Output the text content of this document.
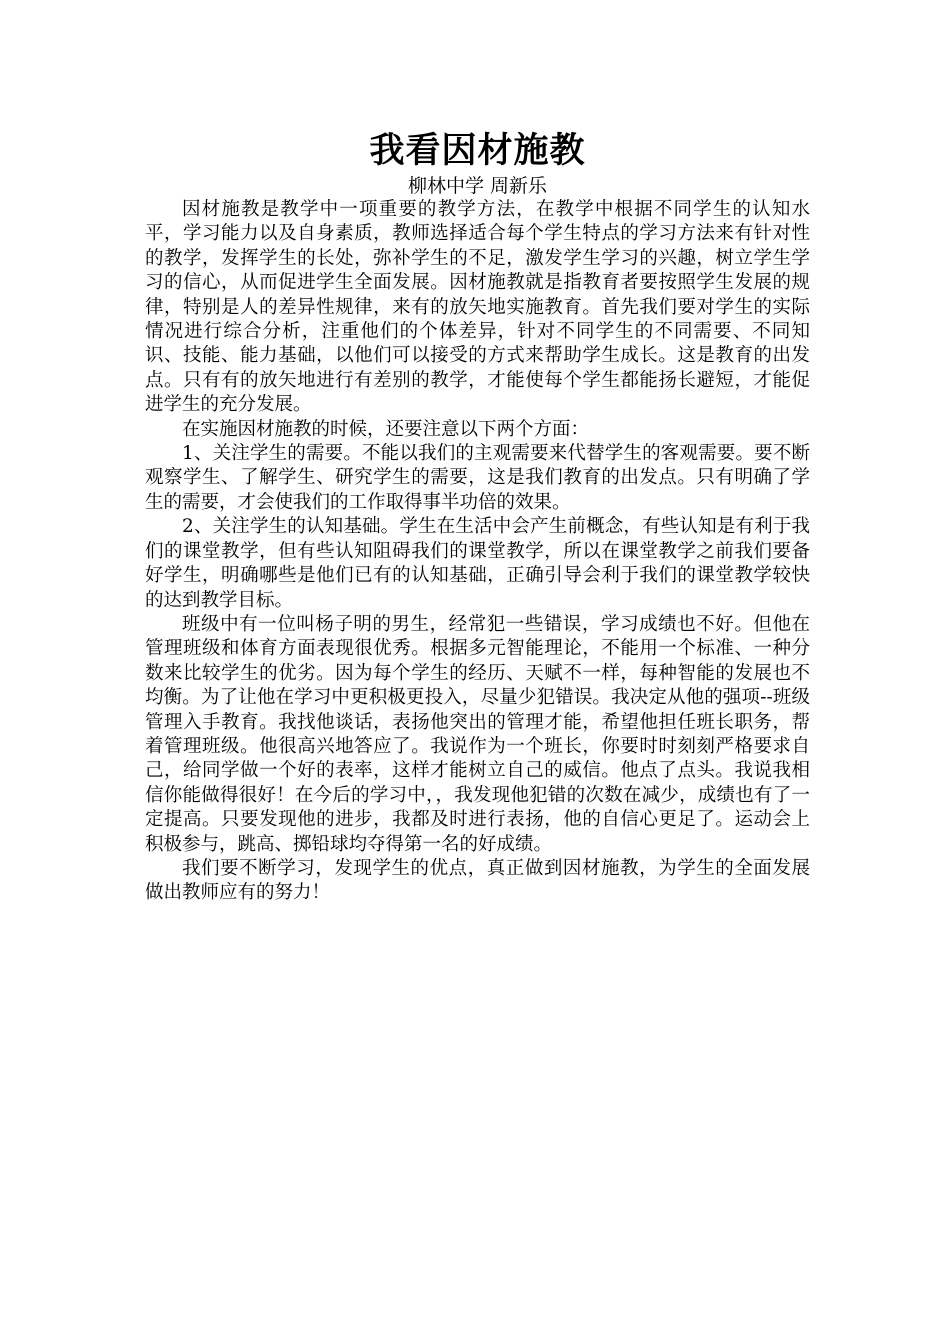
我看因材施教

柳林中学 周新乐

因材施教是教学中一项重要的教学方法，在教学中根据不同学生的认知水平，学习能力以及自身素质，教师选择适合每个学生特点的学习方法来有针对性的教学，发挥学生的长处，弥补学生的不足，激发学生学习的兴趣，树立学生学习的信心，从而促进学生全面发展。因材施教就是指教育者要按照学生发展的规律，特别是人的差异性规律，来有的放矢地实施教育。首先我们要对学生的实际情况进行综合分析，注重他们的个体差异，针对不同学生的不同需要、不同知识、技能、能力基础，以他们可以接受的方式来帮助学生成长。这是教育的出发点。只有有的放矢地进行有差别的教学，才能使每个学生都能扬长避短，才能促进学生的充分发展。

在实施因材施教的时候，还要注意以下两个方面：

1、关注学生的需要。不能以我们的主观需要来代替学生的客观需要。要不断观察学生、了解学生、研究学生的需要，这是我们教育的出发点。只有明确了学生的需要，才会使我们的工作取得事半功倍的效果。

2、关注学生的认知基础。学生在生活中会产生前概念，有些认知是有利于我们的课堂教学，但有些认知阻碍我们的课堂教学，所以在课堂教学之前我们要备好学生，明确哪些是他们已有的认知基础，正确引导会利于我们的课堂教学较快的达到教学目标。

班级中有一位叫杨子明的男生，经常犯一些错误，学习成绩也不好。但他在管理班级和体育方面表现很优秀。根据多元智能理论，不能用一个标准、一种分数来比较学生的优劣。因为每个学生的经历、天赋不一样，每种智能的发展也不均衡。为了让他在学习中更积极更投入，尽量少犯错误。我决定从他的强项--班级管理入手教育。我找他谈话，表扬他突出的管理才能，希望他担任班长职务，帮着管理班级。他很高兴地答应了。我说作为一个班长，你要时时刻刻严格要求自己，给同学做一个好的表率，这样才能树立自己的威信。他点了点头。我说我相信你能做得很好！在今后的学习中，，我发现他犯错的次数在减少，成绩也有了一定提高。只要发现他的进步，我都及时进行表扬，他的自信心更足了。运动会上积极参与，跳高、掷铅球均夺得第一名的好成绩。

我们要不断学习，发现学生的优点，真正做到因材施教，为学生的全面发展做出教师应有的努力！
